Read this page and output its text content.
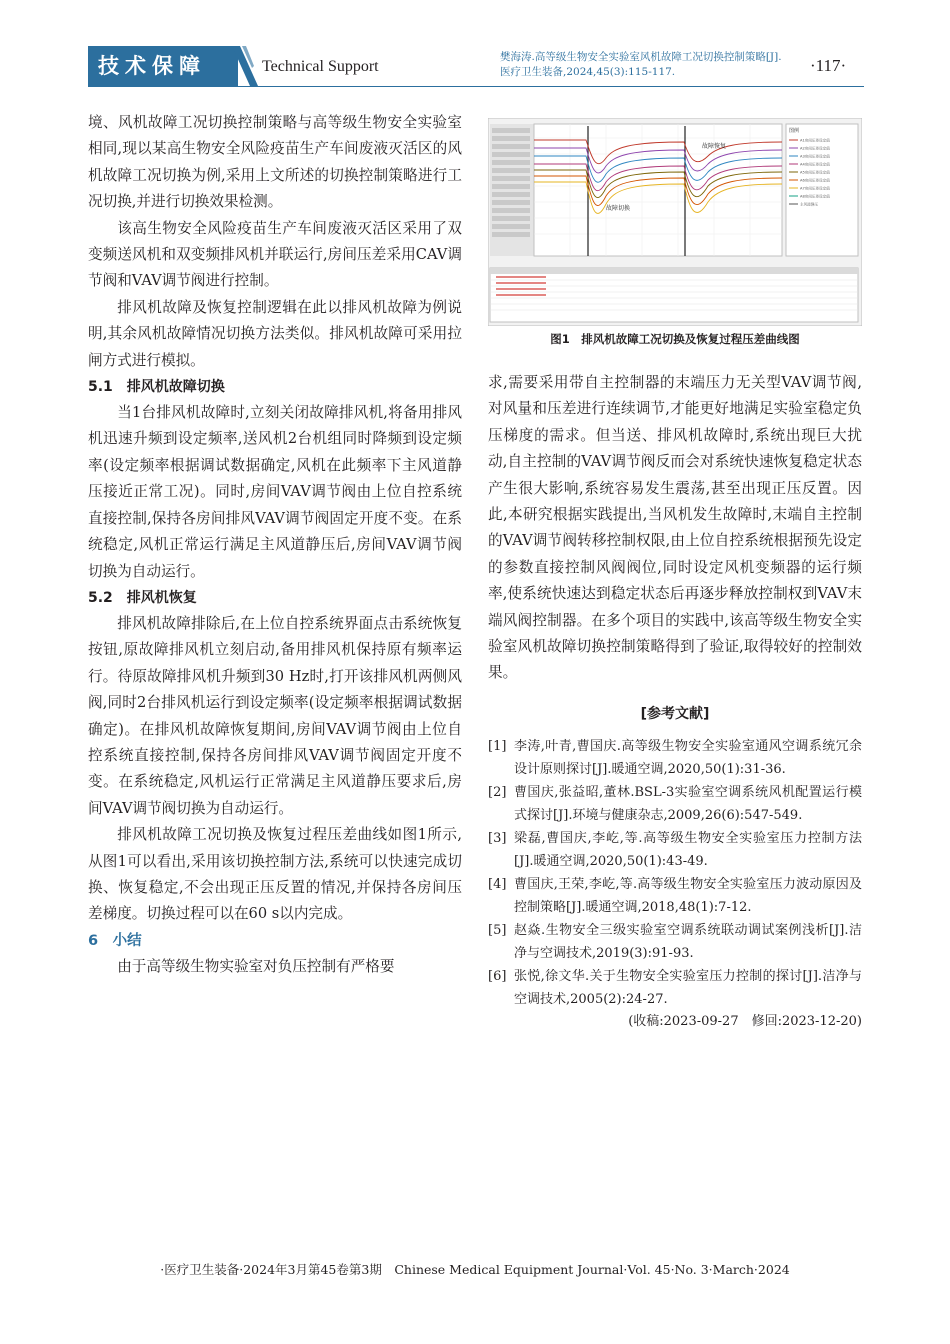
技术保障	Technical Support
樊海涛.高等级生物安全实验室风机故障工况切换控制策略[J].
医疗卫生装备,2024,45(3):115-117.	·117·

境、风机故障工况切换控制策略与高等级生物安全实验室相同,现以某高生物安全风险疫苗生产车间废液灭活区的风机故障工况切换为例,采用上文所述的切换控制策略进行工况切换,并进行切换效果检测。

该高生物安全风险疫苗生产车间废液灭活区采用了双变频送风机和双变频排风机并联运行,房间压差采用CAV调节阀和VAV调节阀进行控制。

排风机故障及恢复控制逻辑在此以排风机故障为例说明,其余风机故障情况切换方法类似。排风机故障可采用拉闸方式进行模拟。

5.1　排风机故障切换

当1台排风机故障时,立刻关闭故障排风机,将备用排风机迅速升频到设定频率,送风机2台机组同时降频到设定频率(设定频率根据调试数据确定,风机在此频率下主风道静压接近正常工况)。同时,房间VAV调节阀由上位自控系统直接控制,保持各房间排风VAV调节阀固定开度不变。在系统稳定,风机正常运行满足主风道静压后,房间VAV调节阀切换为自动运行。

5.2　排风机恢复

排风机故障排除后,在上位自控系统界面点击系统恢复按钮,原故障排风机立刻启动,备用排风机保持原有频率运行。待原故障排风机升频到30 Hz时,打开该排风机两侧风阀,同时2台排风机运行到设定频率(设定频率根据调试数据确定)。在排风机故障恢复期间,房间VAV调节阀由上位自控系统直接控制,保持各房间排风VAV调节阀固定开度不变。在系统稳定,风机运行正常满足主风道静压要求后,房间VAV调节阀切换为自动运行。

排风机故障工况切换及恢复过程压差曲线如图1所示,从图1可以看出,采用该切换控制方法,系统可以快速完成切换、恢复稳定,不会出现正压反置的情况,并保持各房间压差梯度。切换过程可以在60 s以内完成。

6　小结

由于高等级生物实验室对负压控制有严格要

故障切换
故障恢复
图例
A1房间压差设定值
A2房间压差设定值
A3房间压差设定值
A4房间压差设定值
A5房间压差设定值
A6房间压差设定值
A7房间压差设定值
A8房间压差设定值
主风道静压
图1　排风机故障工况切换及恢复过程压差曲线图

求,需要采用带自主控制器的末端压力无关型VAV调节阀,对风量和压差进行连续调节,才能更好地满足实验室稳定负压梯度的需求。但当送、排风机故障时,系统出现巨大扰动,自主控制的VAV调节阀反而会对系统快速恢复稳定状态产生很大影响,系统容易发生震荡,甚至出现正压反置。因此,本研究根据实践提出,当风机发生故障时,末端自主控制的VAV调节阀转移控制权限,由上位自控系统根据预先设定的参数直接控制风阀阀位,同时设定风机变频器的运行频率,使系统快速达到稳定状态后再逐步释放控制权到VAV末端风阀控制器。在多个项目的实践中,该高等级生物安全实验室风机故障切换控制策略得到了验证,取得较好的控制效果。

[参考文献]
[1] 李涛,叶青,曹国庆.高等级生物安全实验室通风空调系统冗余设计原则探讨[J].暖通空调,2020,50(1):31-36.
[2] 曹国庆,张益昭,董林.BSL-3实验室空调系统风机配置运行模式探讨[J].环境与健康杂志,2009,26(6):547-549.
[3] 梁磊,曹国庆,李屹,等.高等级生物安全实验室压力控制方法[J].暖通空调,2020,50(1):43-49.
[4] 曹国庆,王荣,李屹,等.高等级生物安全实验室压力波动原因及控制策略[J].暖通空调,2018,48(1):7-12.
[5] 赵焱.生物安全三级实验室空调系统联动调试案例浅析[J].洁净与空调技术,2019(3):91-93.
[6] 张悦,徐文华.关于生物安全实验室压力控制的探讨[J].洁净与空调技术,2005(2):24-27.

(收稿:2023-09-27　修回:2023-12-20)

·医疗卫生装备·2024年3月第45卷第3期　Chinese Medical Equipment Journal·Vol. 45·No. 3·March·2024
